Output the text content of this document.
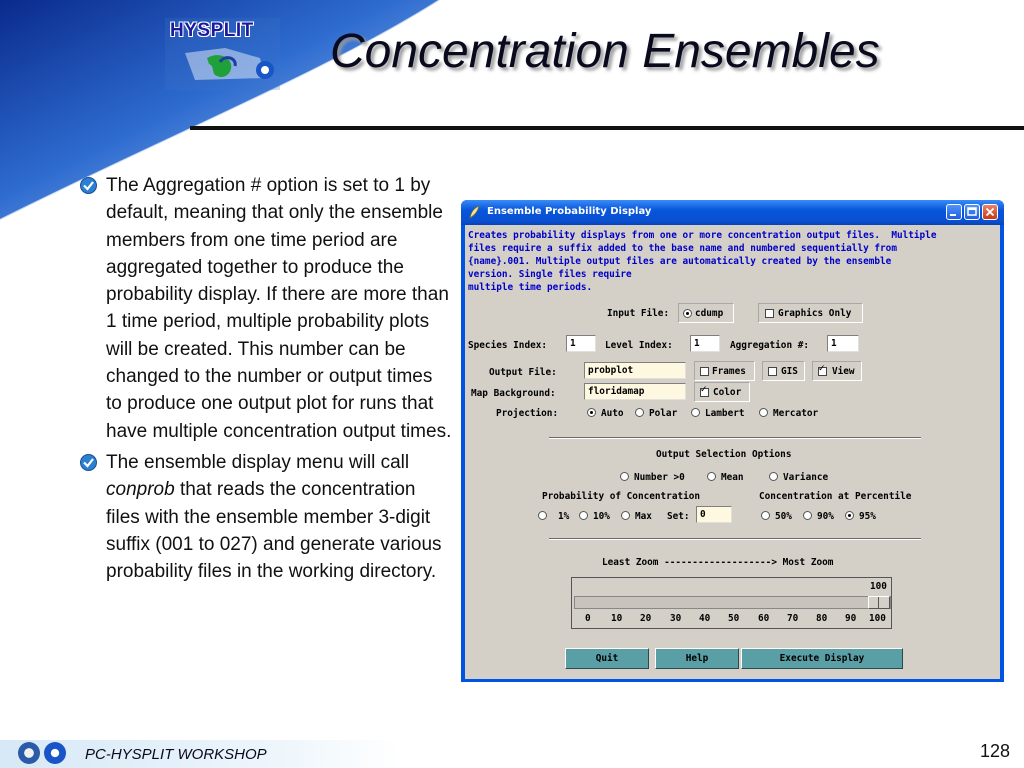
HYSPLIT Concentration Ensembles
The Aggregation # option is set to 1 by default, meaning that only the ensemble members from one time period are aggregated together to produce the probability display. If there are more than 1 time period, multiple probability plots will be created. This number can be changed to the number or output times to produce one output plot for runs that have multiple concentration output times.
The ensemble display menu will call conprob that reads the concentration files with the ensemble member 3-digit suffix (001 to 027) and generate various probability files in the working directory.
Ensemble Probability Display
Creates probability displays from one or more concentration output files.  Multiple
files require a suffix added to the base name and numbered sequentially from
{name}.001. Multiple output files are automatically created by the ensemble
version. Single files require
multiple time periods.
Input File:	cdump	Graphics Only
Species Index:	1	Level Index:	1	Aggregation #:	1
Output File:	probplot	Frames	GIS ✓	View
Map Background:	floridamap ✓	Color
Projection:	Auto	Polar	Lambert	Mercator
Output Selection Options
Number >0	Mean	Variance
Probability of Concentration	Concentration at Percentile
1%	10%	Max Set:	0	50%	90%	95%
Least Zoom -------------------> Most Zoom
100
0 10 20 30 40 50 60 70 80 90 100
Quit	Help	Execute Display
PC-HYSPLIT WORKSHOP	128
